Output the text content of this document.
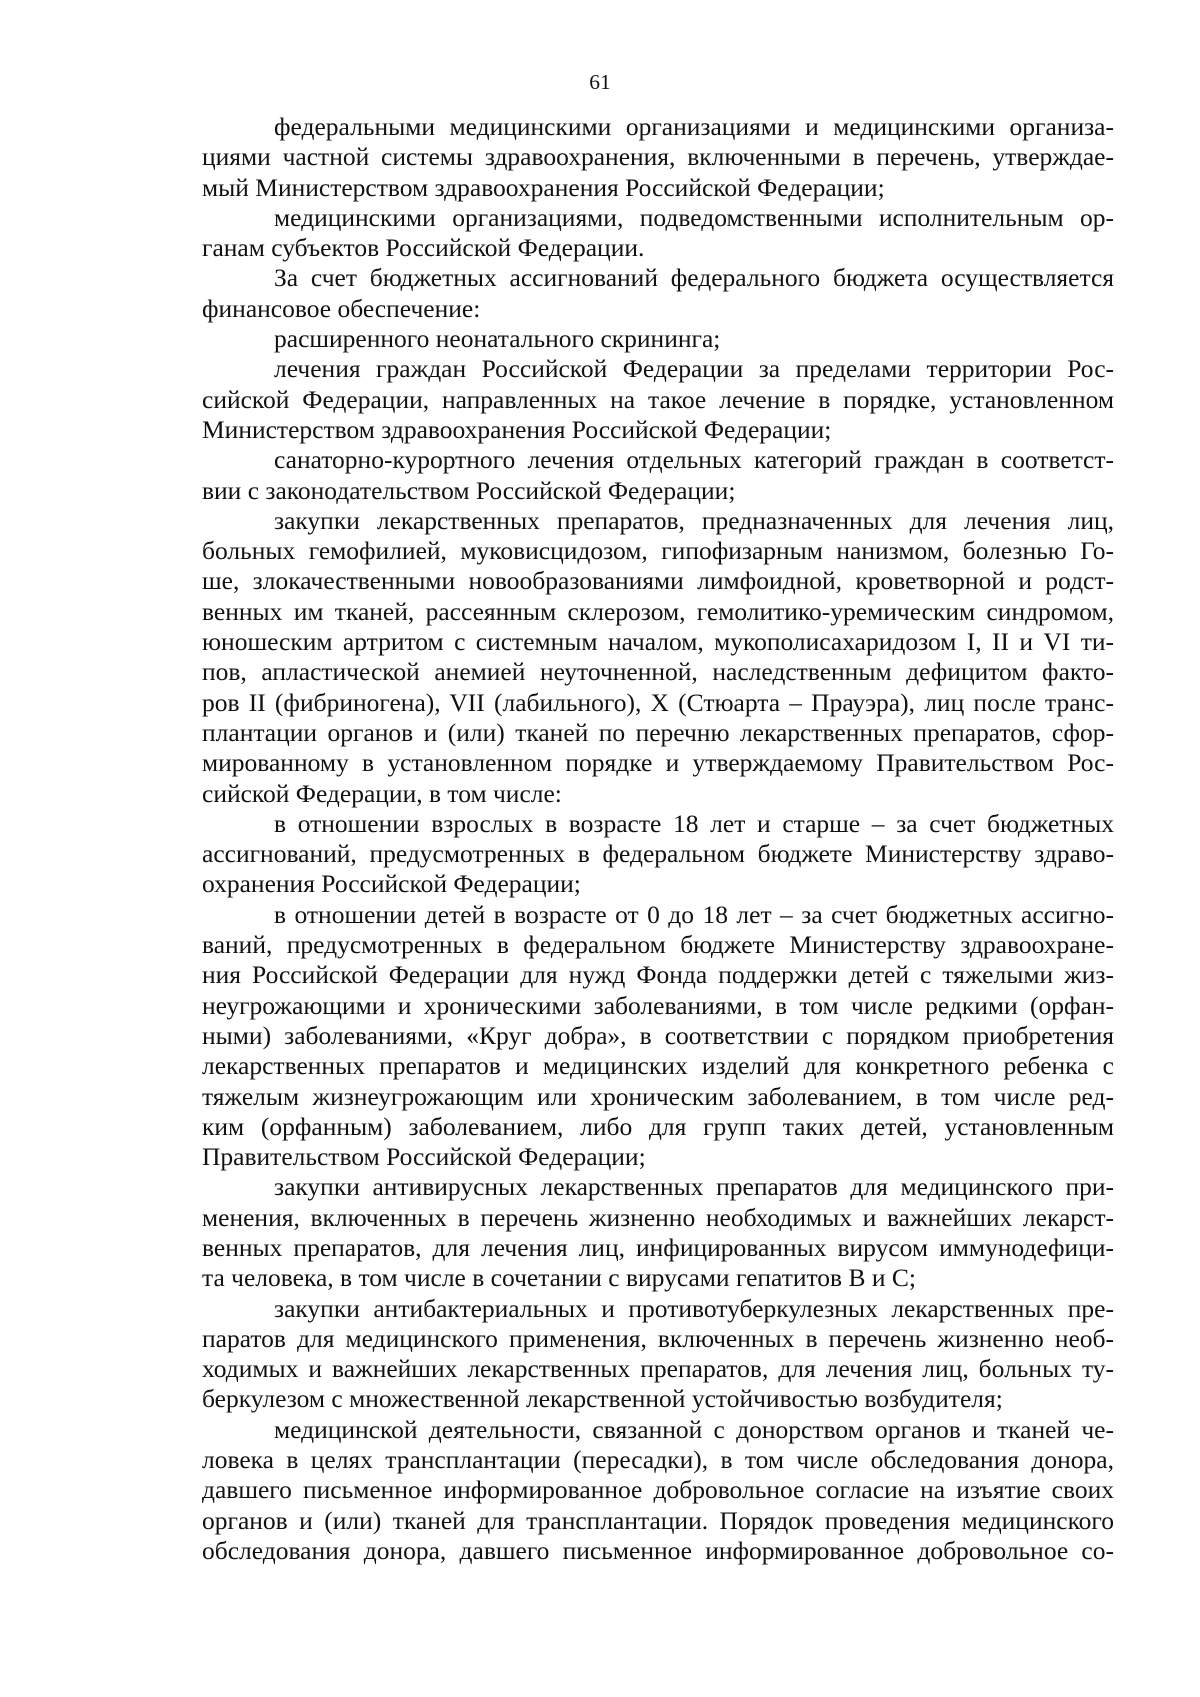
61
федеральными медицинскими организациями и медицинскими организа-
циями частной системы здравоохранения, включенными в перечень, утверждае-
мый Министерством здравоохранения Российской Федерации;
медицинскими организациями, подведомственными исполнительным ор-
ганам субъектов Российской Федерации.
За счет бюджетных ассигнований федерального бюджета осуществляется
финансовое обеспечение:
расширенного неонатального скрининга;
лечения граждан Российской Федерации за пределами территории Рос-
сийской Федерации, направленных на такое лечение в порядке, установленном
Министерством здравоохранения Российской Федерации;
санаторно-курортного лечения отдельных категорий граждан в соответст-
вии с законодательством Российской Федерации;
закупки лекарственных препаратов, предназначенных для лечения лиц,
больных гемофилией, муковисцидозом, гипофизарным нанизмом, болезнью Го-
ше, злокачественными новообразованиями лимфоидной, кроветворной и родст-
венных им тканей, рассеянным склерозом, гемолитико-уремическим синдромом,
юношеским артритом с системным началом, мукополисахаридозом I, II и VI ти-
пов, апластической анемией неуточненной, наследственным дефицитом факто-
ров II (фибриногена), VII (лабильного), X (Стюарта – Прауэра), лиц после транс-
плантации органов и (или) тканей по перечню лекарственных препаратов, сфор-
мированному в установленном порядке и утверждаемому Правительством Рос-
сийской Федерации, в том числе:
в отношении взрослых в возрасте 18 лет и старше – за счет бюджетных
ассигнований, предусмотренных в федеральном бюджете Министерству здраво-
охранения Российской Федерации;
в отношении детей в возрасте от 0 до 18 лет – за счет бюджетных ассигно-
ваний, предусмотренных в федеральном бюджете Министерству здравоохране-
ния Российской Федерации для нужд Фонда поддержки детей с тяжелыми жиз-
неугрожающими и хроническими заболеваниями, в том числе редкими (орфан-
ными) заболеваниями, «Круг добра», в соответствии с порядком приобретения
лекарственных препаратов и медицинских изделий для конкретного ребенка с
тяжелым жизнеугрожающим или хроническим заболеванием, в том числе ред-
ким (орфанным) заболеванием, либо для групп таких детей, установленным
Правительством Российской Федерации;
закупки антивирусных лекарственных препаратов для медицинского при-
менения, включенных в перечень жизненно необходимых и важнейших лекарст-
венных препаратов, для лечения лиц, инфицированных вирусом иммунодефици-
та человека, в том числе в сочетании с вирусами гепатитов B и C;
закупки антибактериальных и противотуберкулезных лекарственных пре-
паратов для медицинского применения, включенных в перечень жизненно необ-
ходимых и важнейших лекарственных препаратов, для лечения лиц, больных ту-
беркулезом с множественной лекарственной устойчивостью возбудителя;
медицинской деятельности, связанной с донорством органов и тканей че-
ловека в целях трансплантации (пересадки), в том числе обследования донора,
давшего письменное информированное добровольное согласие на изъятие своих
органов и (или) тканей для трансплантации. Порядок проведения медицинского
обследования донора, давшего письменное информированное добровольное со-
